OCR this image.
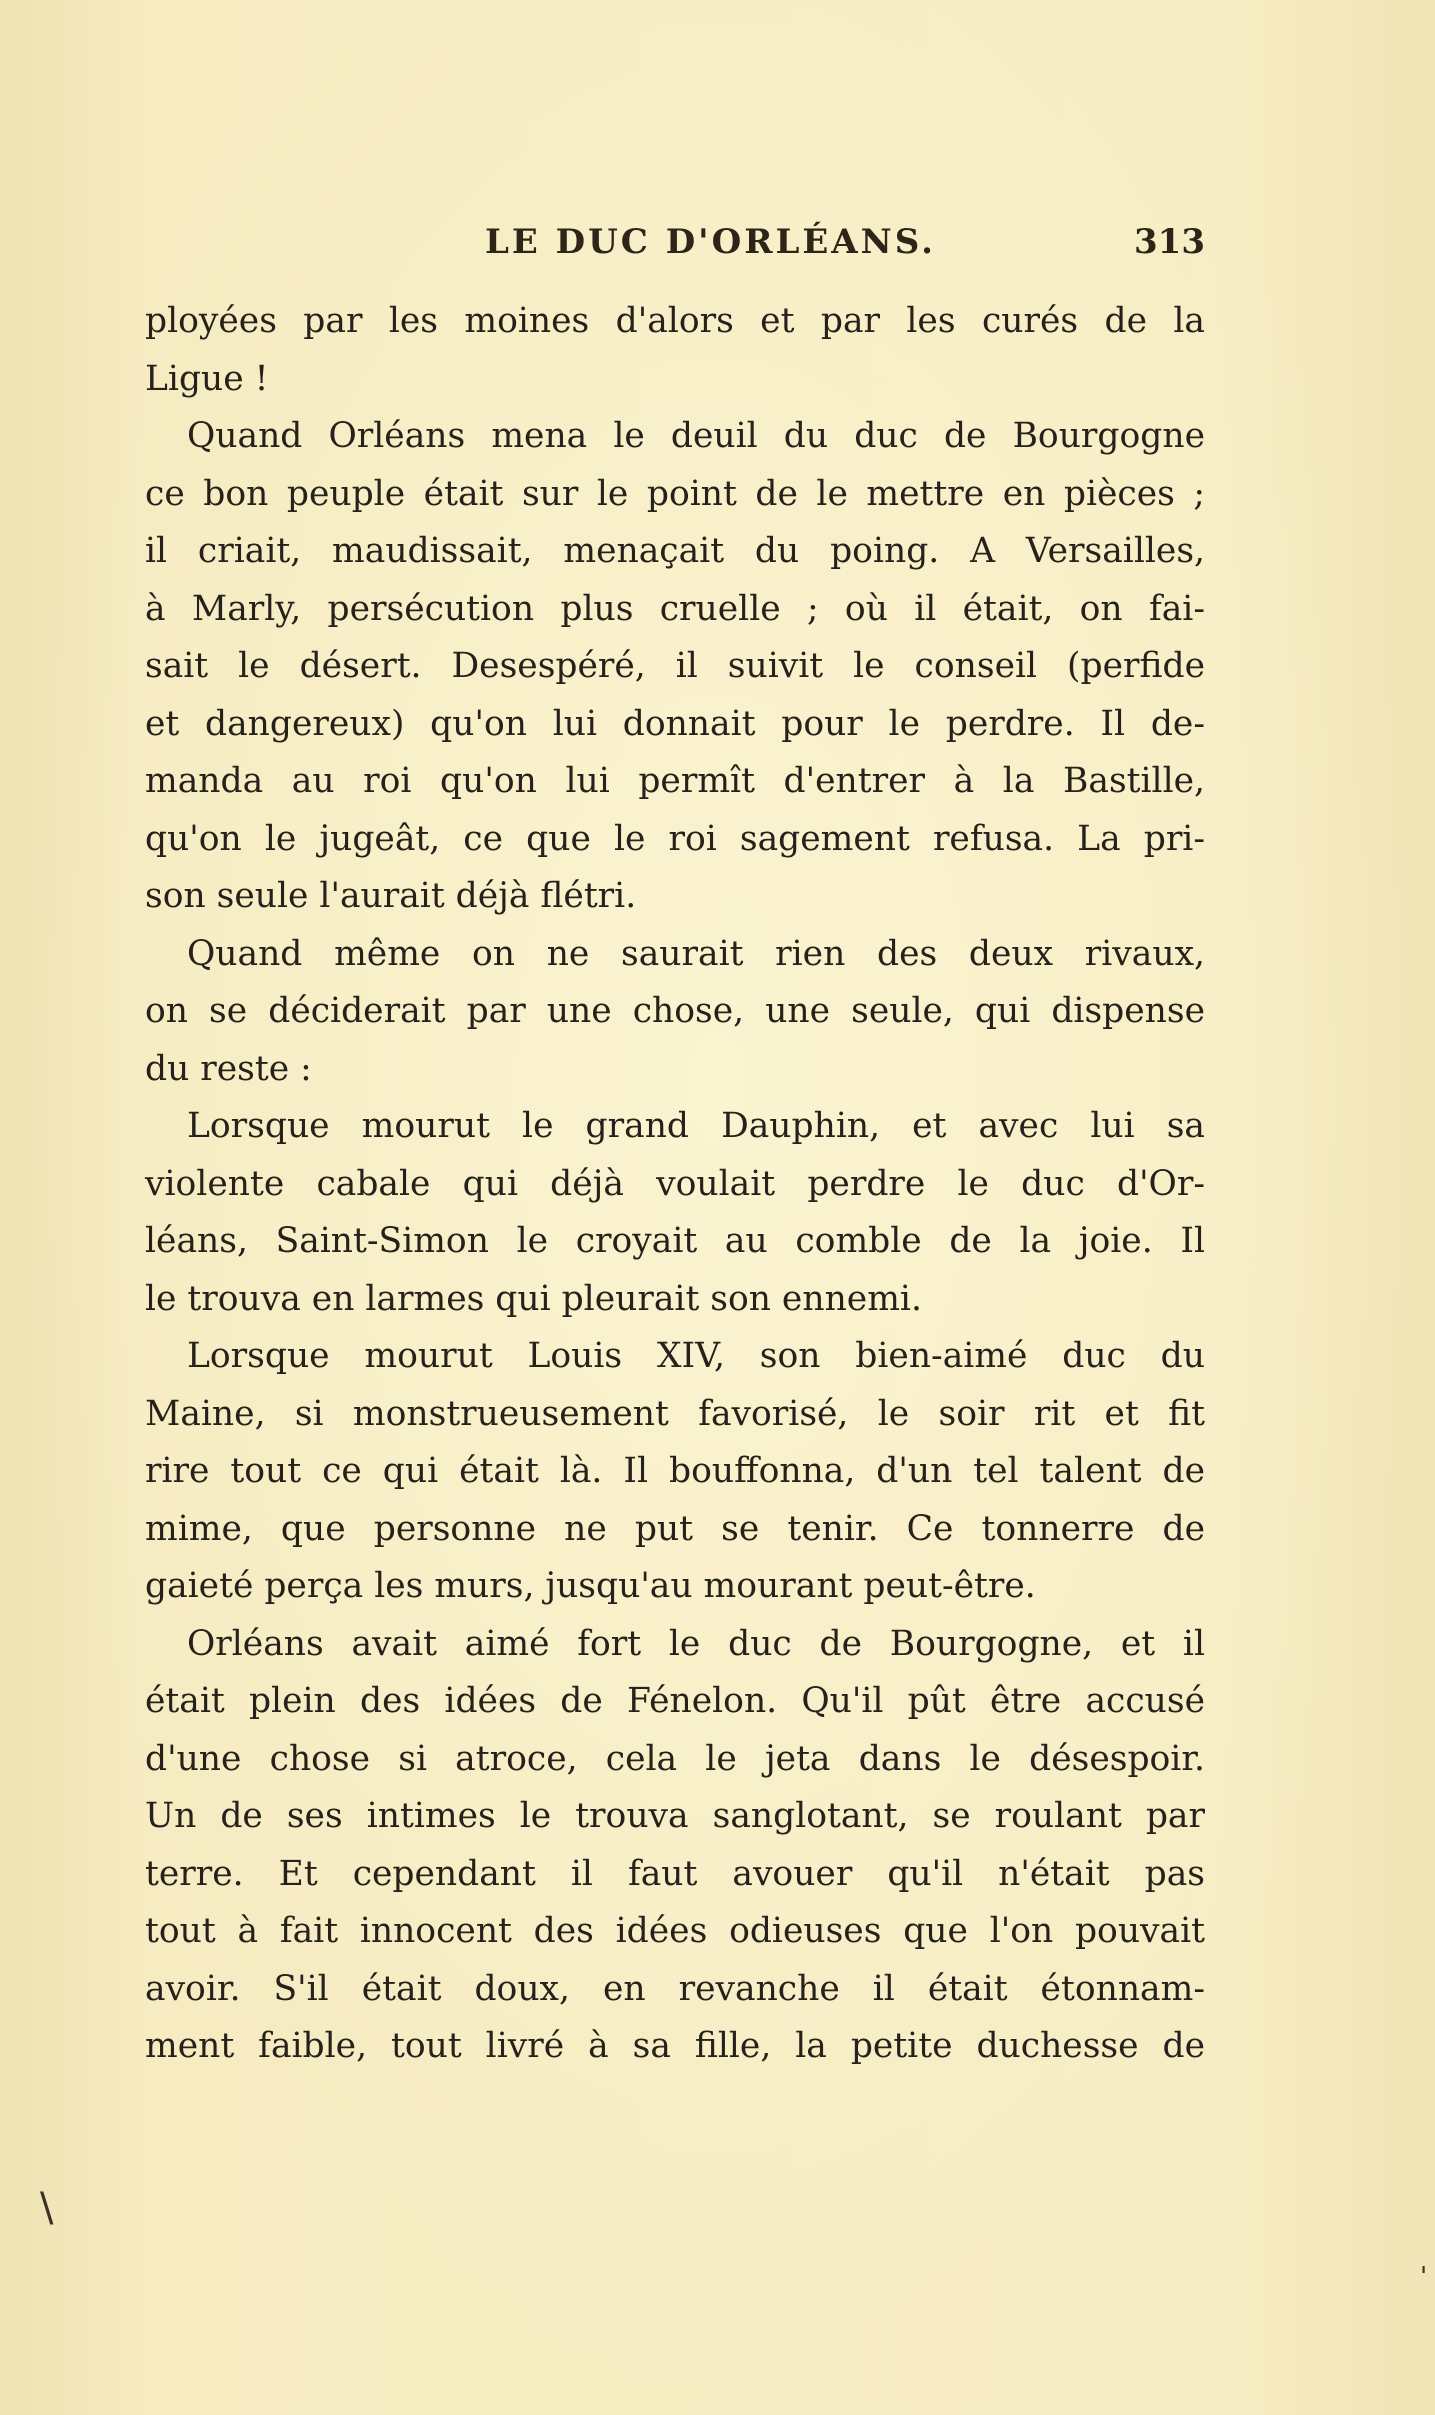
LE DUC D'ORLÉANS.	313
ployées par les moines d'alors et par les curés de la
Ligue !
Quand Orléans mena le deuil du duc de Bourgogne
ce bon peuple était sur le point de le mettre en pièces ;
il criait, maudissait, menaçait du poing. A Versailles,
à Marly, persécution plus cruelle ; où il était, on fai-
sait le désert. Desespéré, il suivit le conseil (perfide
et dangereux) qu'on lui donnait pour le perdre. Il de-
manda au roi qu'on lui permît d'entrer à la Bastille,
qu'on le jugeât, ce que le roi sagement refusa. La pri-
son seule l'aurait déjà flétri.
Quand même on ne saurait rien des deux rivaux,
on se déciderait par une chose, une seule, qui dispense
du reste :
Lorsque mourut le grand Dauphin, et avec lui sa
violente cabale qui déjà voulait perdre le duc d'Or-
léans, Saint-Simon le croyait au comble de la joie. Il
le trouva en larmes qui pleurait son ennemi.
Lorsque mourut Louis XIV, son bien-aimé duc du
Maine, si monstrueusement favorisé, le soir rit et fit
rire tout ce qui était là. Il bouffonna, d'un tel talent de
mime, que personne ne put se tenir. Ce tonnerre de
gaieté perça les murs, jusqu'au mourant peut-être.
Orléans avait aimé fort le duc de Bourgogne, et il
était plein des idées de Fénelon. Qu'il pût être accusé
d'une chose si atroce, cela le jeta dans le désespoir.
Un de ses intimes le trouva sanglotant, se roulant par
terre. Et cependant il faut avouer qu'il n'était pas
tout à fait innocent des idées odieuses que l'on pouvait
avoir. S'il était doux, en revanche il était étonnam-
ment faible, tout livré à sa fille, la petite duchesse de
\
'
